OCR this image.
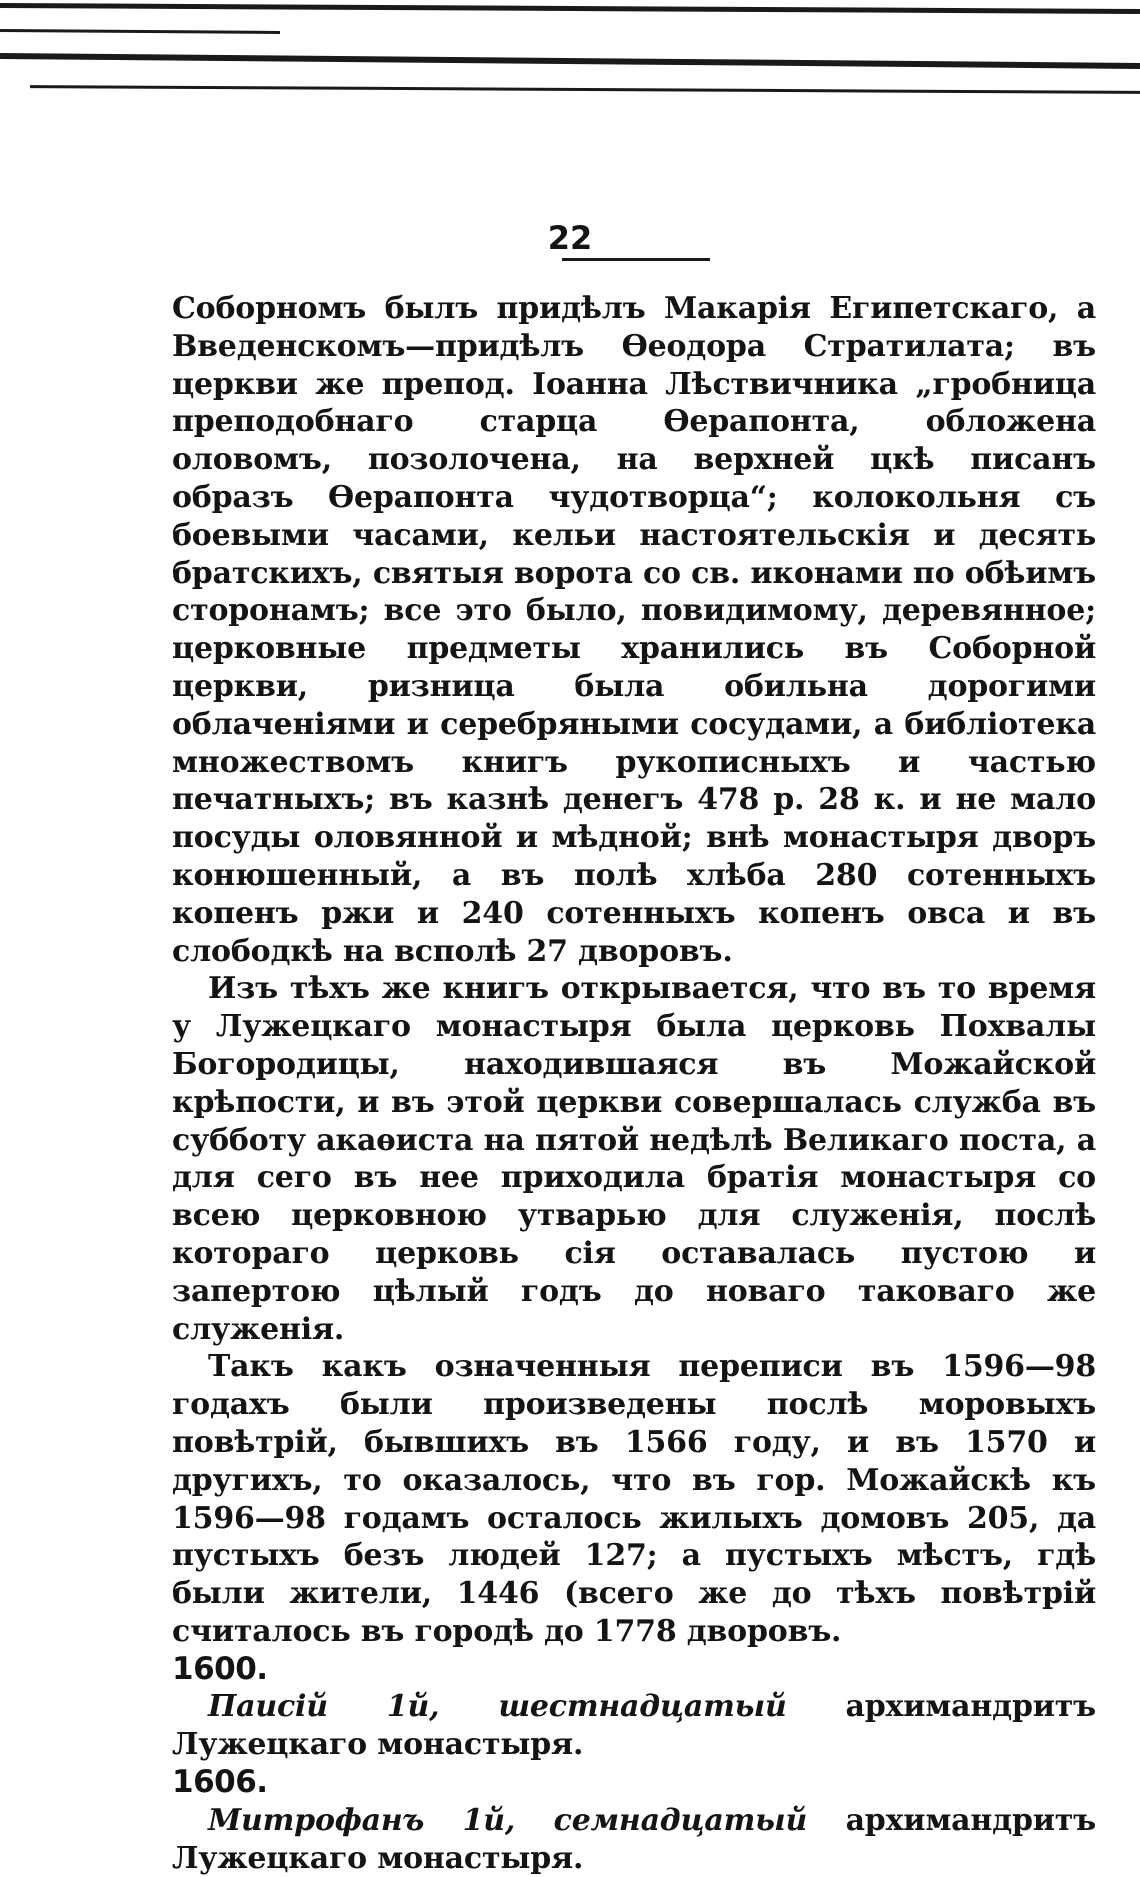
22

Соборномъ былъ придѣлъ Макарія Египетскаго, а Введенскомъ—придѣлъ Ѳеодора Стратилата; въ церкви же препод. Іоанна Лѣствичника „гробница преподобнаго старца Ѳерапонта, обложена оловомъ, позолочена, на верхней цкѣ писанъ образъ Ѳерапонта чудотворца“; колокольня съ боевыми часами, кельи настоятельскія и десять братскихъ, святыя ворота со св. иконами по обѣимъ сторонамъ; все это было, повидимому, деревянное; церковные предметы хранились въ Соборной церкви, ризница была обильна дорогими облаченіями и серебряными сосудами, а библіотека множествомъ книгъ рукописныхъ и частью печатныхъ; въ казнѣ денегъ 478 р. 28 к. и не мало посуды оловянной и мѣдной; внѣ монастыря дворъ конюшенный, а въ полѣ хлѣба 280 сотенныхъ копенъ ржи и 240 сотенныхъ копенъ овса и въ слободкѣ на всполѣ 27 дворовъ.

Изъ тѣхъ же книгъ открывается, что въ то время у Лужецкаго монастыря была церковь Похвалы Богородицы, находившаяся въ Можайской крѣпости, и въ этой церкви совершалась служба въ субботу акаѳиста на пятой недѣлѣ Великаго поста, а для сего въ нее приходила братія монастыря со всею церковною утварью для служенія, послѣ котораго церковь сія оставалась пустою и запертою цѣлый годъ до новаго таковаго же служенія.

Такъ какъ означенныя переписи въ 1596—98 годахъ были произведены послѣ моровыхъ повѣтрій, бывшихъ въ 1566 году, и въ 1570 и другихъ, то оказалось, что въ гор. Можайскѣ къ 1596—98 годамъ осталось жилыхъ домовъ 205, да пустыхъ безъ людей 127; а пустыхъ мѣстъ, гдѣ были жители, 1446 (всего же до тѣхъ повѣтрій считалось въ городѣ до 1778 дворовъ.

1600.

Паисій 1й, шестнадцатый архимандритъ Лужецкаго монастыря.

1606.

Митрофанъ 1й, семнадцатый архимандритъ Лужецкаго монастыря.
